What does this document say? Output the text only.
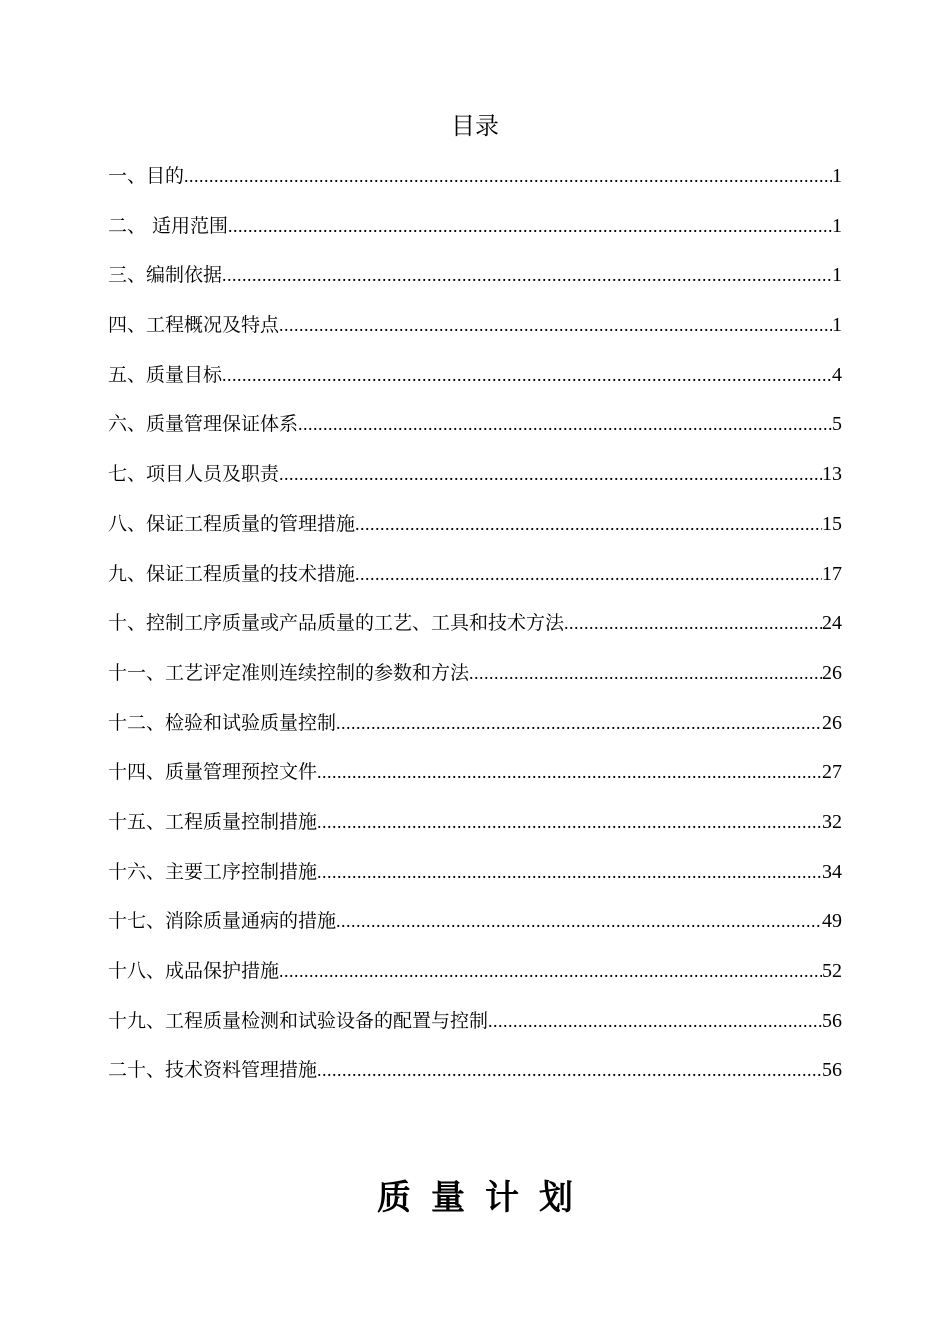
目录
一、目的 .....	1
二、 适用范围 .....	1
三、编制依据 .....	1
四、工程概况及特点 .....	1
五、质量目标 .....	4
六、质量管理保证体系 .....	5
七、项目人员及职责 .....	13
八、保证工程质量的管理措施 .....	15
九、保证工程质量的技术措施 .....	17
十、控制工序质量或产品质量的工艺、工具和技术方法 .....	24
十一、工艺评定准则连续控制的参数和方法 .....	26
十二、检验和试验质量控制 .....	26
十四、质量管理预控文件 .....	27
十五、工程质量控制措施 .....	32
十六、主要工序控制措施 .....	34
十七、消除质量通病的措施 .....	49
十八、成品保护措施 .....	52
十九、工程质量检测和试验设备的配置与控制 .....	56
二十、技术资料管理措施 .....	56
质量计划
